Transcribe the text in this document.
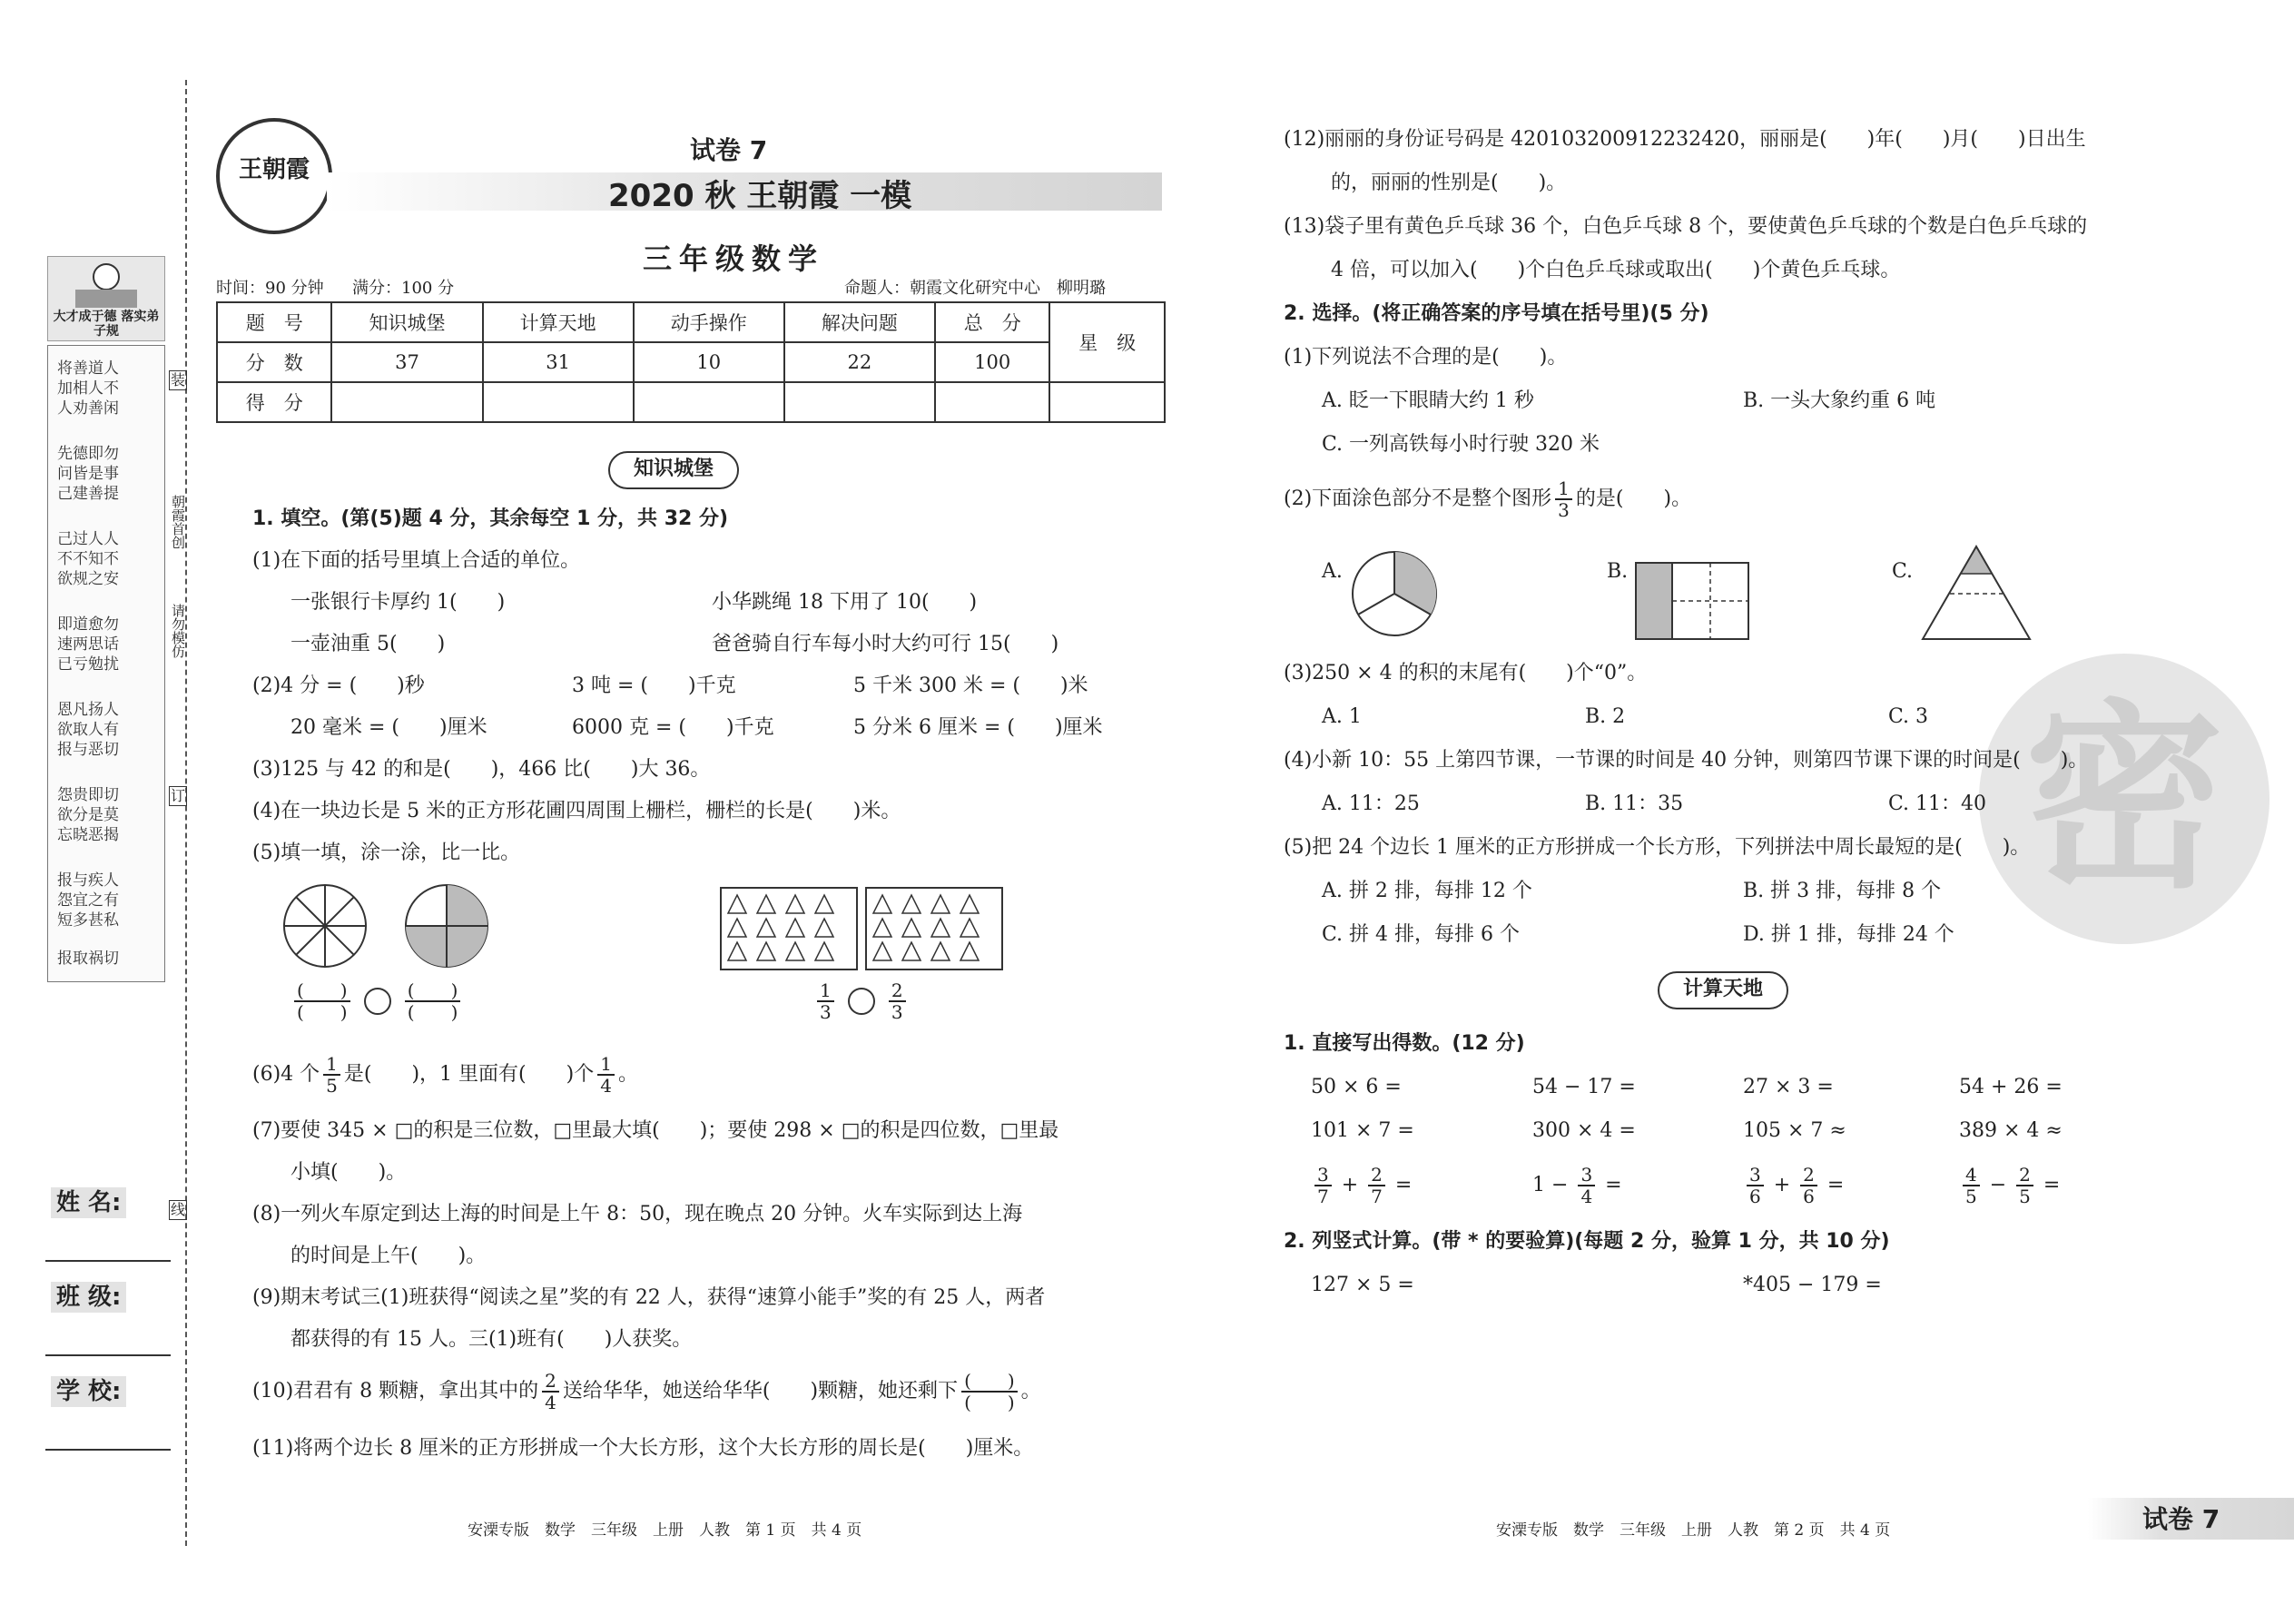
大才成于德 落实弟子规
将善道人
加相人不
人劝善闲
先德即勿
问皆是事
己建善提
己过人人
不不知不
欲规之安
即道愈勿
速两思话
已亏勉扰
恩凡扬人
欲取人有
报与恶切
怨贵即切
欲分是莫
忘晓恶揭
报与疾人
怨宜之有
短多甚私
报取祸切
装
订
线
朝霞首创
请勿模仿
姓 名:
班 级:
学 校:
王朝霞
试卷 7
2020 秋 王朝霞 一模
三年级数学
时间：90 分钟 满分：100 分	命题人：朝霞文化研究中心　柳明璐
题　号	知识城堡	计算天地	动手操作	解决问题	总　分	星　级
分　数	37	31	10	22	100	
得　分						
知识城堡
1. 填空。(第(5)题 4 分，其余每空 1 分，共 32 分)
(1)在下面的括号里填上合适的单位。
一张银行卡厚约 1(　　)	小华跳绳 18 下用了 10(　　)
一壶油重 5(　　)	爸爸骑自行车每小时大约可行 15(　　)
(2)4 分 = (　　)秒	3 吨 = (　　)千克	5 千米 300 米 = (　　)米
20 毫米 = (　　)厘米	6000 克 = (　　)千克	5 分米 6 厘米 = (　　)厘米
(3)125 与 42 的和是(　　)，466 比(　　)大 36。
(4)在一块边长是 5 米的正方形花圃四周围上栅栏，栅栏的长是(　　)米。
(5)填一填，涂一涂，比一比。
$\frac{( )}{( )}$
	$\frac{( )}{( )}$	$\frac{1}{3}$
	$\frac{2}{3}$
(6)4 个 $\frac{1}{5}$ 是(　　)，1 里面有(　　)个 $\frac{1}{4}$ 。
(7)要使 345 × □的积是三位数，□里最大填(　　)；要使 298 × □的积是四位数，□里最
小填(　　)。
(8)一列火车原定到达上海的时间是上午 8：50，现在晚点 20 分钟。火车实际到达上海
的时间是上午(　　)。
(9)期末考试三(1)班获得“阅读之星”奖的有 22 人，获得“速算小能手”奖的有 25 人，两者
都获得的有 15 人。三(1)班有(　　)人获奖。
(10)君君有 8 颗糖，拿出其中的 $\frac{2}{4}$ 送给华华，她送给华华(　　)颗糖，她还剩下 $\frac{( )}{( )}$ 。
(11)将两个边长 8 厘米的正方形拼成一个大长方形，这个大长方形的周长是(　　)厘米。
安溧专版　数学　三年级　上册　人教　第 1 页　共 4 页
密
(12)丽丽的身份证号码是 420103200912232420，丽丽是(　　)年(　　)月(　　)日出生
的，丽丽的性别是(　　)。
(13)袋子里有黄色乒乓球 36 个，白色乒乓球 8 个，要使黄色乒乓球的个数是白色乒乓球的
4 倍，可以加入(　　)个白色乒乓球或取出(　　)个黄色乒乓球。
2. 选择。(将正确答案的序号填在括号里)(5 分)
(1)下列说法不合理的是(　　)。
A. 眨一下眼睛大约 1 秒	B. 一头大象约重 6 吨
C. 一列高铁每小时行驶 320 米
(2)下面涂色部分不是整个图形 $\frac{1}{3}$ 的是(　　)。
A.	B.	C.
(3)250 × 4 的积的末尾有(　　)个“0”。
A. 1	B. 2	C. 3
(4)小新 10：55 上第四节课，一节课的时间是 40 分钟，则第四节课下课的时间是(　　)。
A. 11：25	B. 11：35	C. 11：40
(5)把 24 个边长 1 厘米的正方形拼成一个长方形，下列拼法中周长最短的是(　　)。
A. 拼 2 排，每排 12 个	B. 拼 3 排，每排 8 个
C. 拼 4 排，每排 6 个	D. 拼 1 排，每排 24 个
计算天地
1. 直接写出得数。(12 分)
50 × 6 =	54 − 17 =	27 × 3 =	54 + 26 =
101 × 7 =	300 × 4 =	105 × 7 ≈	389 × 4 ≈
$\frac{3}{7} + \frac{2}{7}$ =	$1 - \frac{3}{4}$ =	$\frac{3}{6} + \frac{2}{6}$ =	$\frac{4}{5} - \frac{2}{5}$ =
2. 列竖式计算。(带 * 的要验算)(每题 2 分，验算 1 分，共 10 分)
127 × 5 =	*405 − 179 =
安溧专版　数学　三年级　上册　人教　第 2 页　共 4 页	试卷 7
